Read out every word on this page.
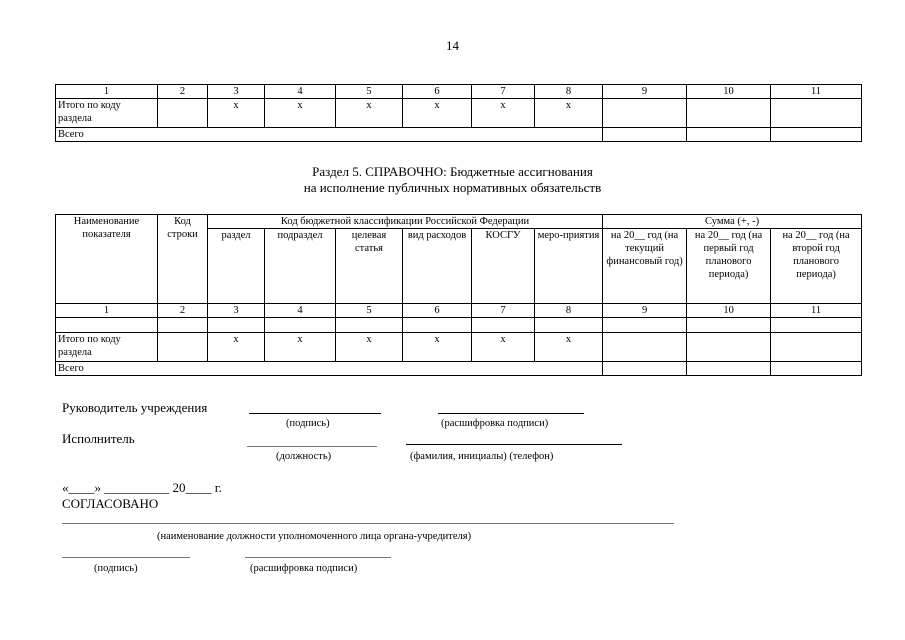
14
1	2	3	4	5	6	7	8	9	10	11
Итого по коду раздела		x	x	x	x	x	x			
Всего										
Раздел 5. СПРАВОЧНО: Бюджетные ассигнования
на исполнение публичных нормативных обязательств
Наименование показателя	Код строки	Код бюджетной классификации Российской Федерации						Сумма (+, -)		
		раздел	подраздел	целевая статья	вид расходов	КОСГУ	меро-приятия	на 20__ год (на текущий финансовый год)	на 20__ год (на первый год планового периода)	на 20__ год (на второй год планового периода)
1	2	3	4	5	6	7	8	9	10	11

Итого по коду раздела		x	x	x	x	x	x			
Всего										
Руководитель учреждения
(подпись)	(расшифровка подписи)
Исполнитель
(должность)	(фамилия, инициалы) (телефон)
«____» __________ 20____ г.
СОГЛАСОВАНО
(наименование должности уполномоченного лица органа-учредителя)
(подпись)	(расшифровка подписи)
